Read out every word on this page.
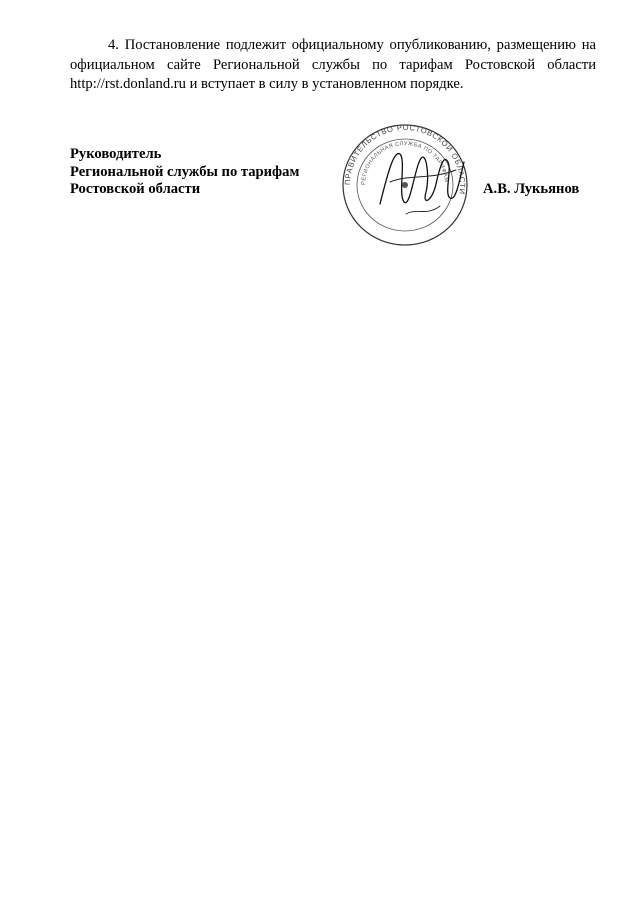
4. Постановление подлежит официальному опубликованию, размещению на официальном сайте Региональной службы по тарифам Ростовской области http://rst.donland.ru и вступает в силу в установленном порядке.

Руководитель
Региональной службы по тарифам
Ростовской области	ПРАВИТЕЛЬСТВО РОСТОВСКОЙ ОБЛАСТИ
РЕГИОНАЛЬНАЯ СЛУЖБА ПО ТАРИФАМ
А.В. Лукьянов
